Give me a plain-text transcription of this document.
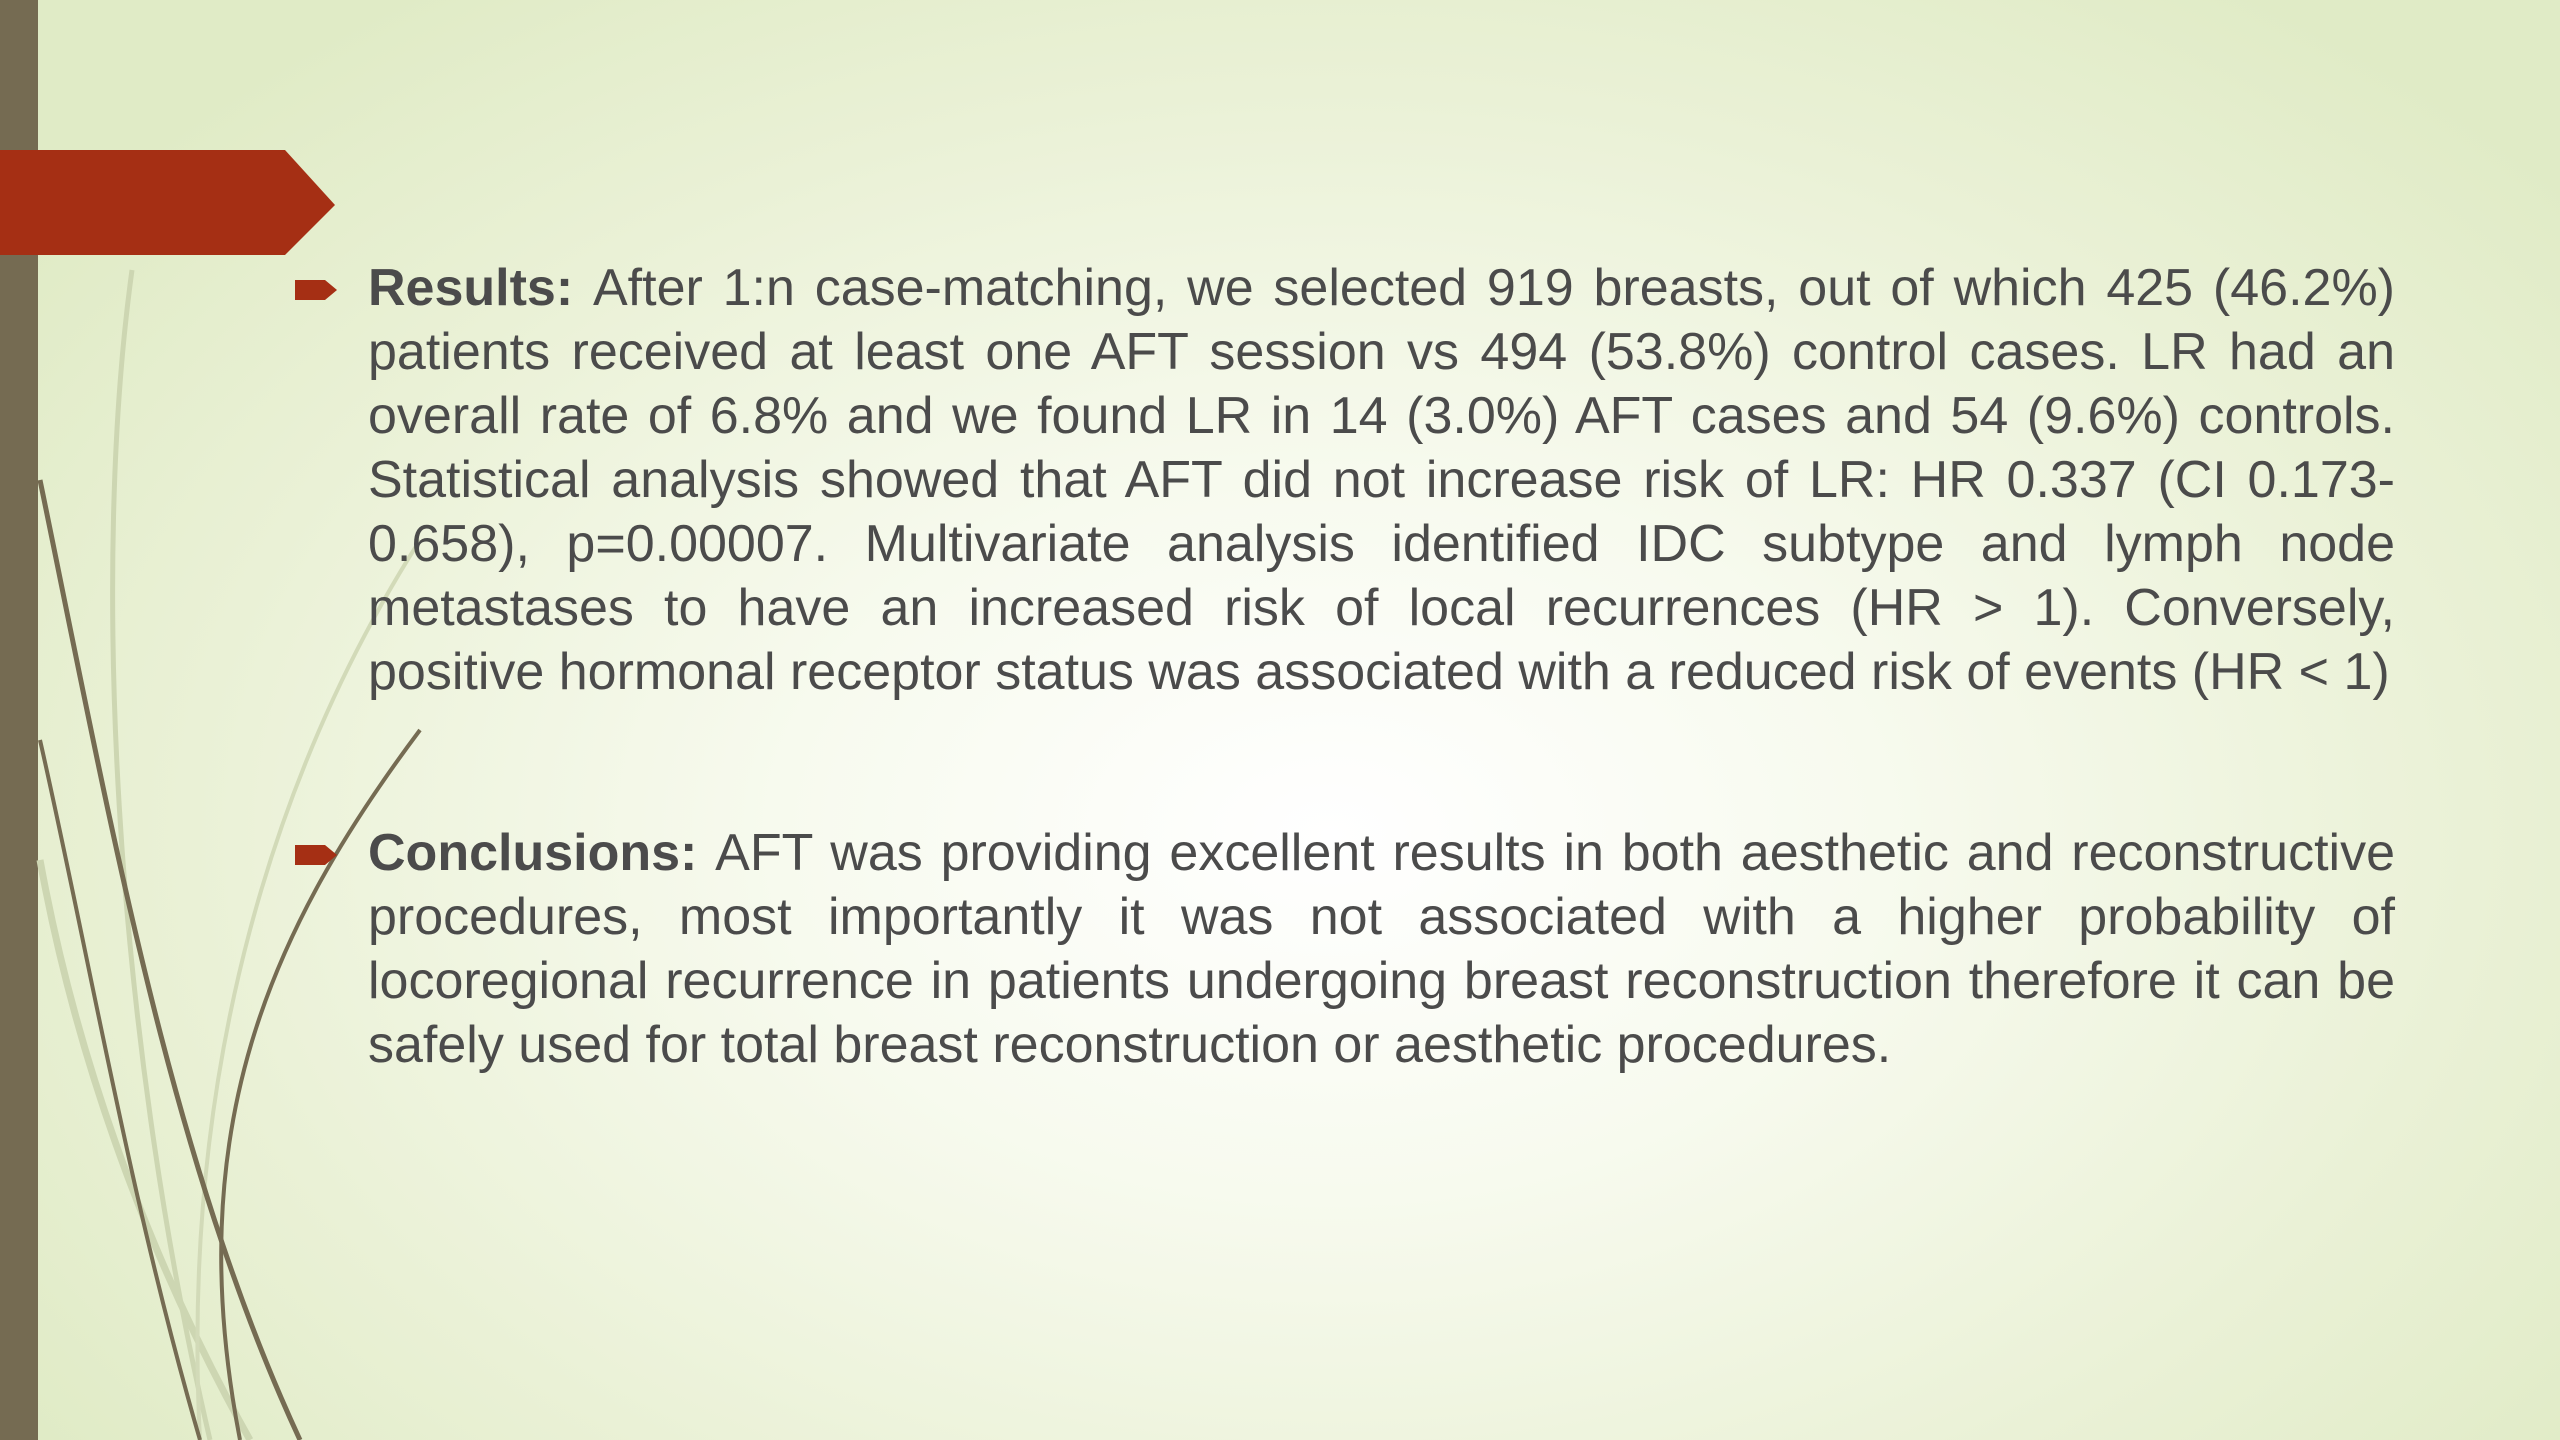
Results: After 1:n case-matching, we selected 919 breasts, out of which 425 (46.2%) patients received at least one AFT session vs 494 (53.8%) control cases. LR had an overall rate of 6.8% and we found LR in 14 (3.0%) AFT cases and 54 (9.6%) controls. Statistical analysis showed that AFT did not increase risk of LR: HR 0.337 (CI 0.173-0.658), p=0.00007. Multivariate analysis identified IDC subtype and lymph node metastases to have an increased risk of local recurrences (HR > 1). Conversely, positive hormonal receptor status was associated with a reduced risk of events (HR < 1)

Conclusions: AFT was providing excellent results in both aesthetic and reconstructive procedures, most importantly it was not associated with a higher probability of locoregional recurrence in patients undergoing breast reconstruction therefore it can be safely used for total breast reconstruction or aesthetic procedures.
